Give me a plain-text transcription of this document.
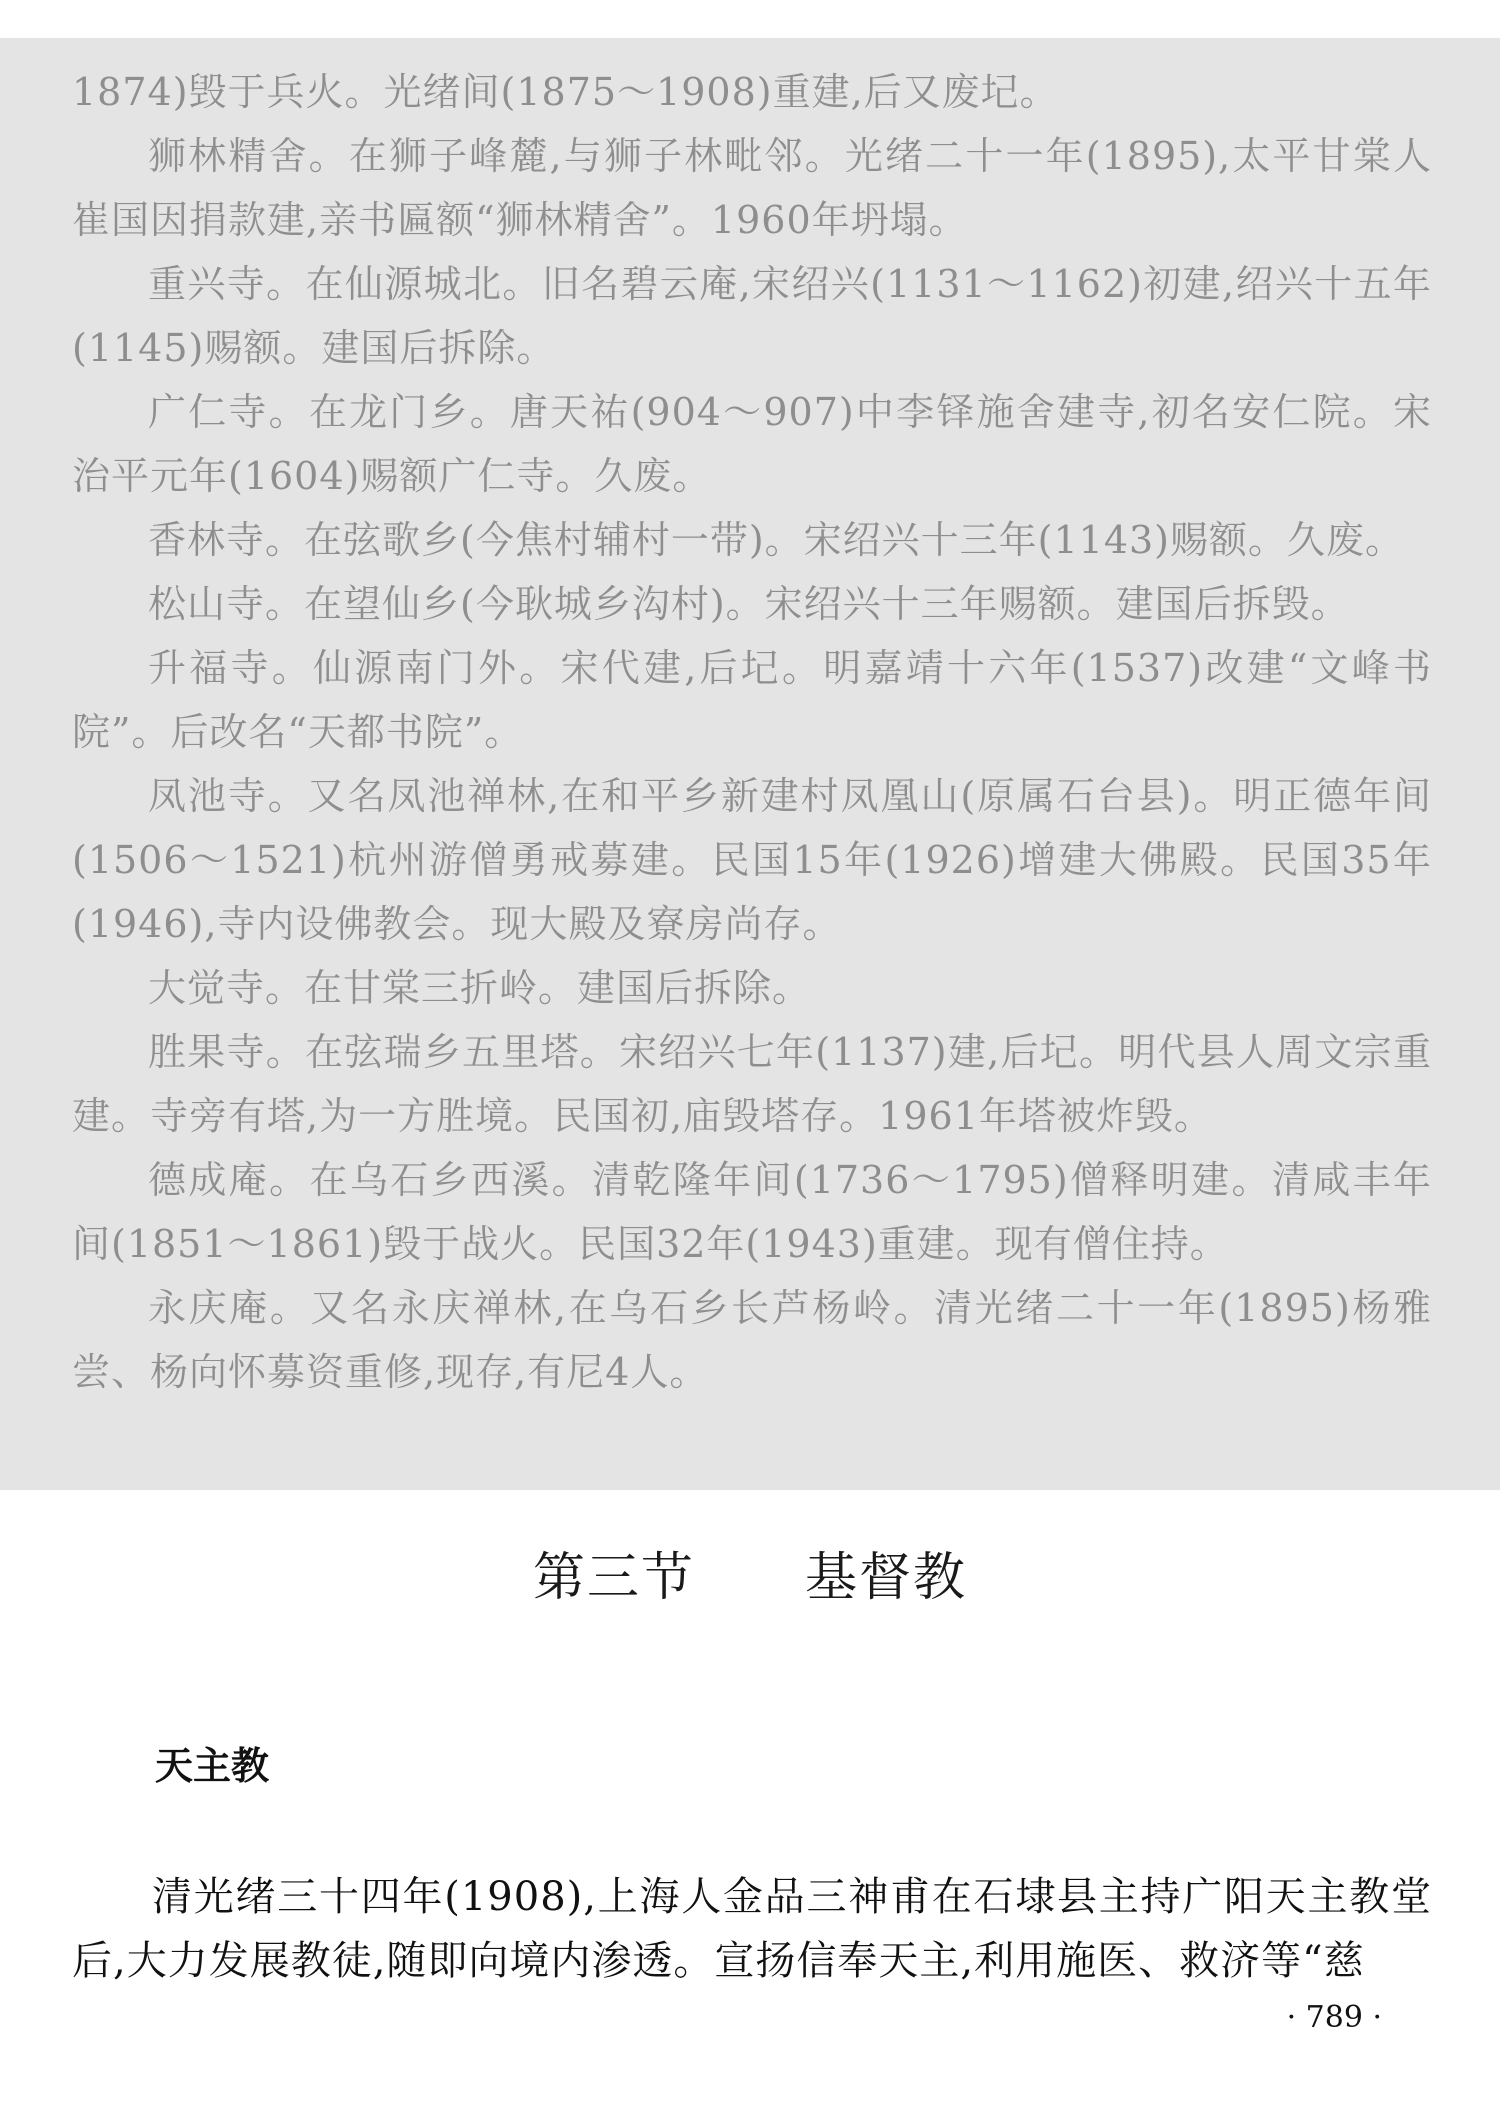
1874)毁于兵火。光绪间(1875～1908)重建,后又废圮。

狮林精舍。在狮子峰麓,与狮子林毗邻。光绪二十一年(1895),太平甘棠人崔国因捐款建,亲书匾额“狮林精舍”。1960年坍塌。

重兴寺。在仙源城北。旧名碧云庵,宋绍兴(1131～1162)初建,绍兴十五年(1145)赐额。建国后拆除。

广仁寺。在龙门乡。唐天祐(904～907)中李铎施舍建寺,初名安仁院。宋治平元年(1604)赐额广仁寺。久废。

香林寺。在弦歌乡(今焦村辅村一带)。宋绍兴十三年(1143)赐额。久废。

松山寺。在望仙乡(今耿城乡沟村)。宋绍兴十三年赐额。建国后拆毁。

升福寺。仙源南门外。宋代建,后圮。明嘉靖十六年(1537)改建“文峰书院”。后改名“天都书院”。

凤池寺。又名凤池禅林,在和平乡新建村凤凰山(原属石台县)。明正德年间(1506～1521)杭州游僧勇戒募建。民国15年(1926)增建大佛殿。民国35年(1946),寺内设佛教会。现大殿及寮房尚存。

大觉寺。在甘棠三折岭。建国后拆除。

胜果寺。在弦瑞乡五里塔。宋绍兴七年(1137)建,后圮。明代县人周文宗重建。寺旁有塔,为一方胜境。民国初,庙毁塔存。1961年塔被炸毁。

德成庵。在乌石乡西溪。清乾隆年间(1736～1795)僧释明建。清咸丰年间(1851～1861)毁于战火。民国32年(1943)重建。现有僧住持。

永庆庵。又名永庆禅林,在乌石乡长芦杨岭。清光绪二十一年(1895)杨雅尝、杨向怀募资重修,现存,有尼4人。

第三节 基督教
天主教

清光绪三十四年(1908),上海人金品三神甫在石埭县主持广阳天主教堂后,大力发展教徒,随即向境内渗透。宣扬信奉天主,利用施医、救济等“慈

· 789 ·
